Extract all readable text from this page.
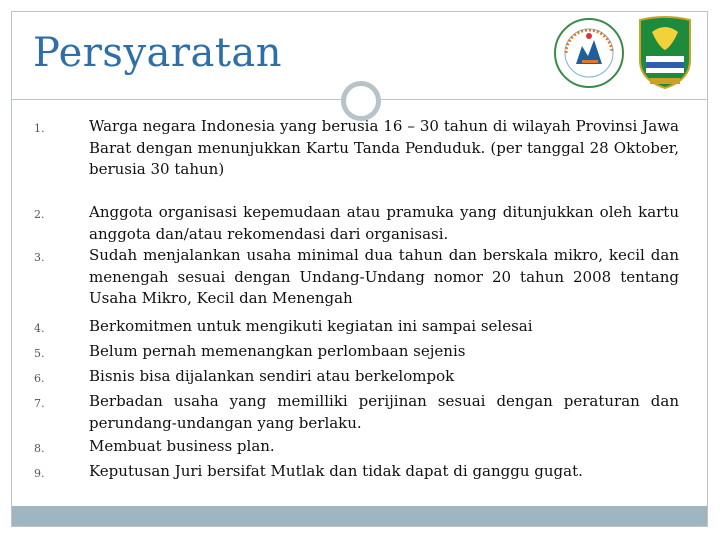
Persyaratan
1.	Warga negara Indonesia yang berusia 16 – 30 tahun di wilayah Provinsi Jawa Barat dengan menunjukkan Kartu Tanda Penduduk. (per tanggal 28 Oktober, berusia 30 tahun)
2.	Anggota organisasi kepemudaan atau pramuka yang ditunjukkan oleh kartu anggota dan/atau rekomendasi dari organisasi.
3.	Sudah menjalankan usaha minimal dua tahun dan berskala mikro, kecil dan menengah sesuai dengan Undang-Undang nomor 20 tahun 2008 tentang Usaha Mikro, Kecil dan Menengah
4.	Berkomitmen untuk mengikuti kegiatan ini sampai selesai
5.	Belum pernah memenangkan perlombaan sejenis
6.	Bisnis bisa dijalankan sendiri atau berkelompok
7.	Berbadan usaha yang memilliki perijinan sesuai dengan peraturan dan perundang-undangan yang berlaku.
8.	Membuat business plan.
9.	Keputusan Juri bersifat Mutlak dan tidak dapat di ganggu gugat.
